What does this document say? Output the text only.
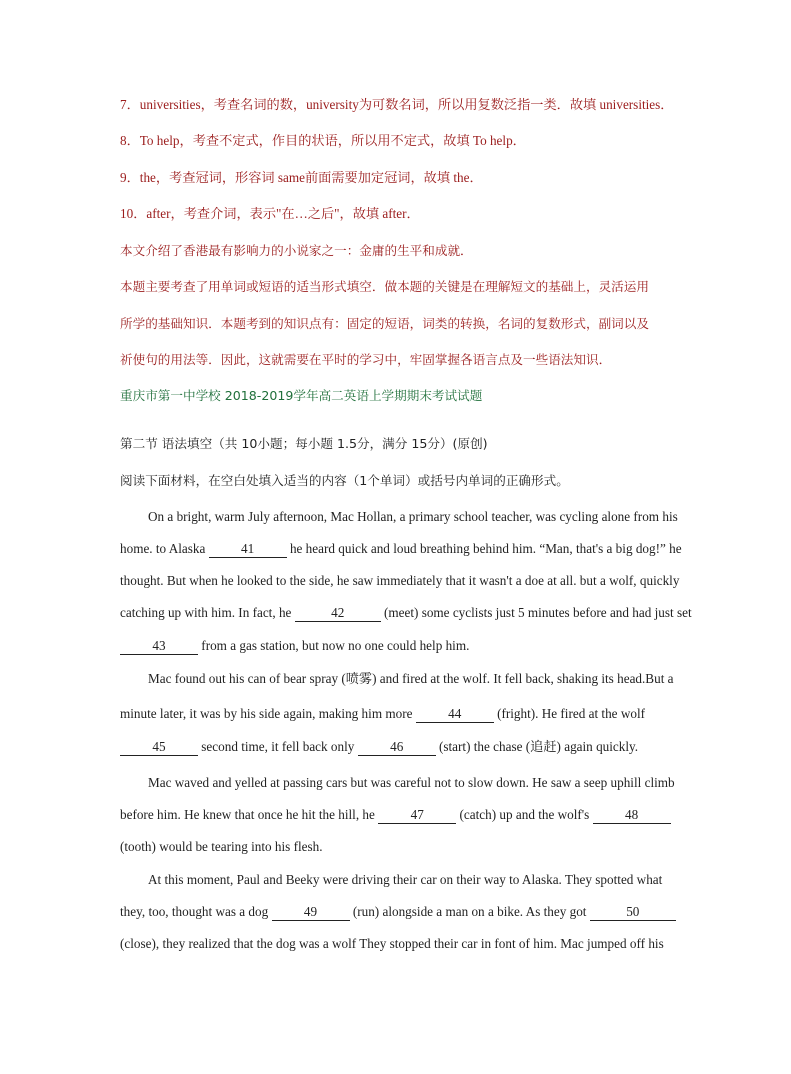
7．universities，考查名词的数，university为可数名词，所以用复数泛指一类．故填 universities．
8．To help，考查不定式，作目的状语，所以用不定式，故填 To help．
9．the，考查冠词，形容词 same前面需要加定冠词，故填 the．
10．after，考查介词，表示"在…之后"，故填 after．
本文介绍了香港最有影响力的小说家之一：金庸的生平和成就．
本题主要考查了用单词或短语的适当形式填空．做本题的关键是在理解短文的基础上，灵活运用
所学的基础知识．本题考到的知识点有：固定的短语，词类的转换，名词的复数形式，副词以及
祈使句的用法等．因此，这就需要在平时的学习中，牢固掌握各语言点及一些语法知识．
重庆市第一中学校 2018-2019学年高二英语上学期期末考试试题
第二节 语法填空（共 10小题；每小题 1.5分，满分 15分）(原创)
阅读下面材料，在空白处填入适当的内容（1个单词）或括号内单词的正确形式。
On a bright, warm July afternoon, Mac Hollan, a primary school teacher, was cycling alone from his
home. to Alaska 41 he heard quick and loud breathing behind him. “Man, that's a big dog!” he
thought. But when he looked to the side, he saw immediately that it wasn't a doe at all. but a wolf, quickly
catching up with him. In fact, he	42	(meet) some cyclists just 5 minutes before and had just set
43 from a gas station, but now no one could help him.
Mac found out his can of bear spray (喷雾) and fired at the wolf. It fell back, shaking its head.But a
minute later, it was by his side again, making him more 44 (fright). He fired at the wolf
45 second time, it fell back only 46 (start) the chase (追赶) again quickly.
Mac waved and yelled at passing cars but was careful not to slow down. He saw a seep uphill climb
before him. He knew that once he hit the hill, he 47 (catch) up and the wolf's 48
(tooth) would be tearing into his flesh.
At this moment, Paul and Beeky were driving their car on their way to Alaska. They spotted what
they, too, thought was a dog 49 (run) alongside a man on a bike. As they got	50
(close), they realized that the dog was a wolf They stopped their car in font of him. Mac jumped off his
